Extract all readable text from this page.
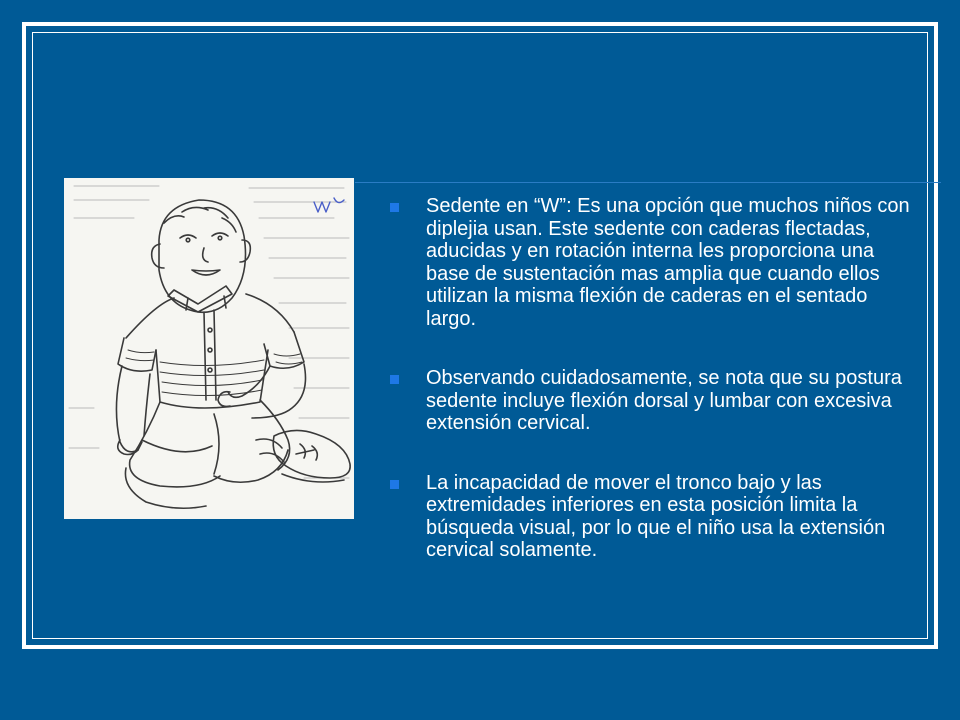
Sedente en “W”: Es una opción que muchos niños con diplejia usan. Este sedente con caderas flectadas, aducidas y en rotación interna les proporciona una base de sustentación mas amplia que cuando ellos utilizan la misma flexión de caderas en el sentado largo.
Observando cuidadosamente, se nota que su postura sedente incluye flexión dorsal y lumbar con excesiva extensión cervical.
La incapacidad de mover el tronco bajo y las extremidades inferiores en esta posición limita la búsqueda visual, por lo que el niño usa la extensión cervical solamente.
